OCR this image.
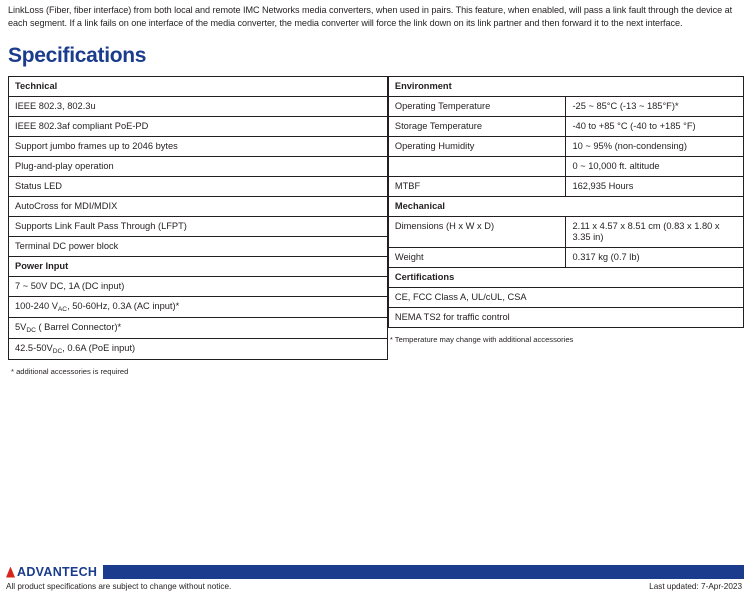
LinkLoss (Fiber, fiber interface) from both local and remote IMC Networks media converters, when used in pairs. This feature, when enabled, will pass a link fault through the device at each segment. If a link fails on one interface of the media converter, the media converter will force the link down on its link partner and then forward it to the next interface.

Specifications
Technical
IEEE 802.3, 802.3u
IEEE 802.3af compliant PoE-PD
Support jumbo frames up to 2046 bytes
Plug-and-play operation
Status LED
AutoCross for MDI/MDIX
Supports Link Fault Pass Through (LFPT)
Terminal DC power block
Power Input
7 ~ 50V DC, 1A (DC input)
100-240 $V_{AC}$, 50-60Hz, 0.3A (AC input)*
$5V_{DC}$ ( Barrel Connector)*
$42.5-50V_{DC}$, 0.6A (PoE input)
* additional accessories is required
Environment	
Operating Temperature	-25 ~ 85°C (-13 ~ 185°F)*
Storage Temperature	-40 to +85 °C (-40 to +185 °F)
Operating Humidity	10 ~ 95% (non-condensing)
	0 ~ 10,000 ft. altitude
MTBF	162,935 Hours
Mechanical	
Dimensions (H x W x D)	2.11 x 4.57 x 8.51 cm (0.83 x 1.80 x 3.35 in)
Weight	0.317 kg (0.7 lb)
Certifications	
CE, FCC Class A, UL/cUL, CSA	
NEMA TS2 for traffic control	
* Temperature may change with additional accessories
ADVANTECH
All product specifications are subject to change without notice.	Last updated: 7-Apr-2023
